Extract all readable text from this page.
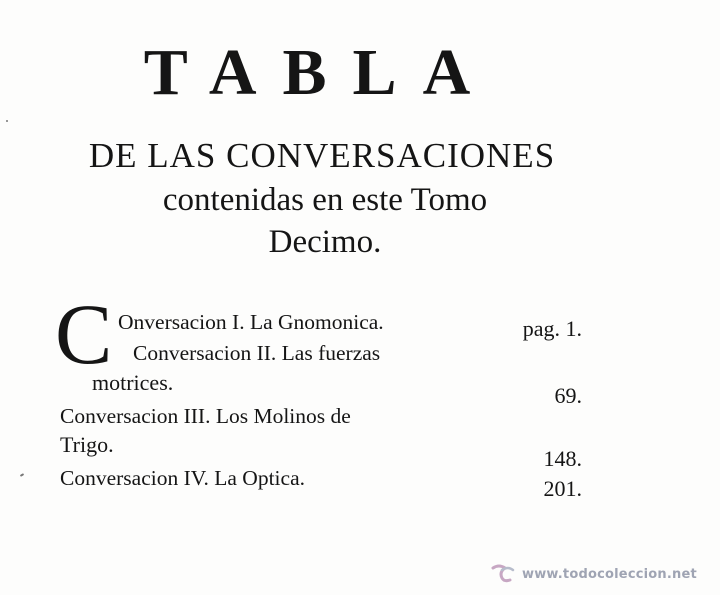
TABLA
DE LAS CONVERSACIONES
contenidas en este Tomo
Decimo.
C Onversacion I. La Gnomonica.	pag. 1.
Conversacion II. Las fuerzas
motrices.
69.
Conversacion III. Los Molinos de
Trigo.
148.
Conversacion IV. La Optica.	201.
www.todocoleccion.net
